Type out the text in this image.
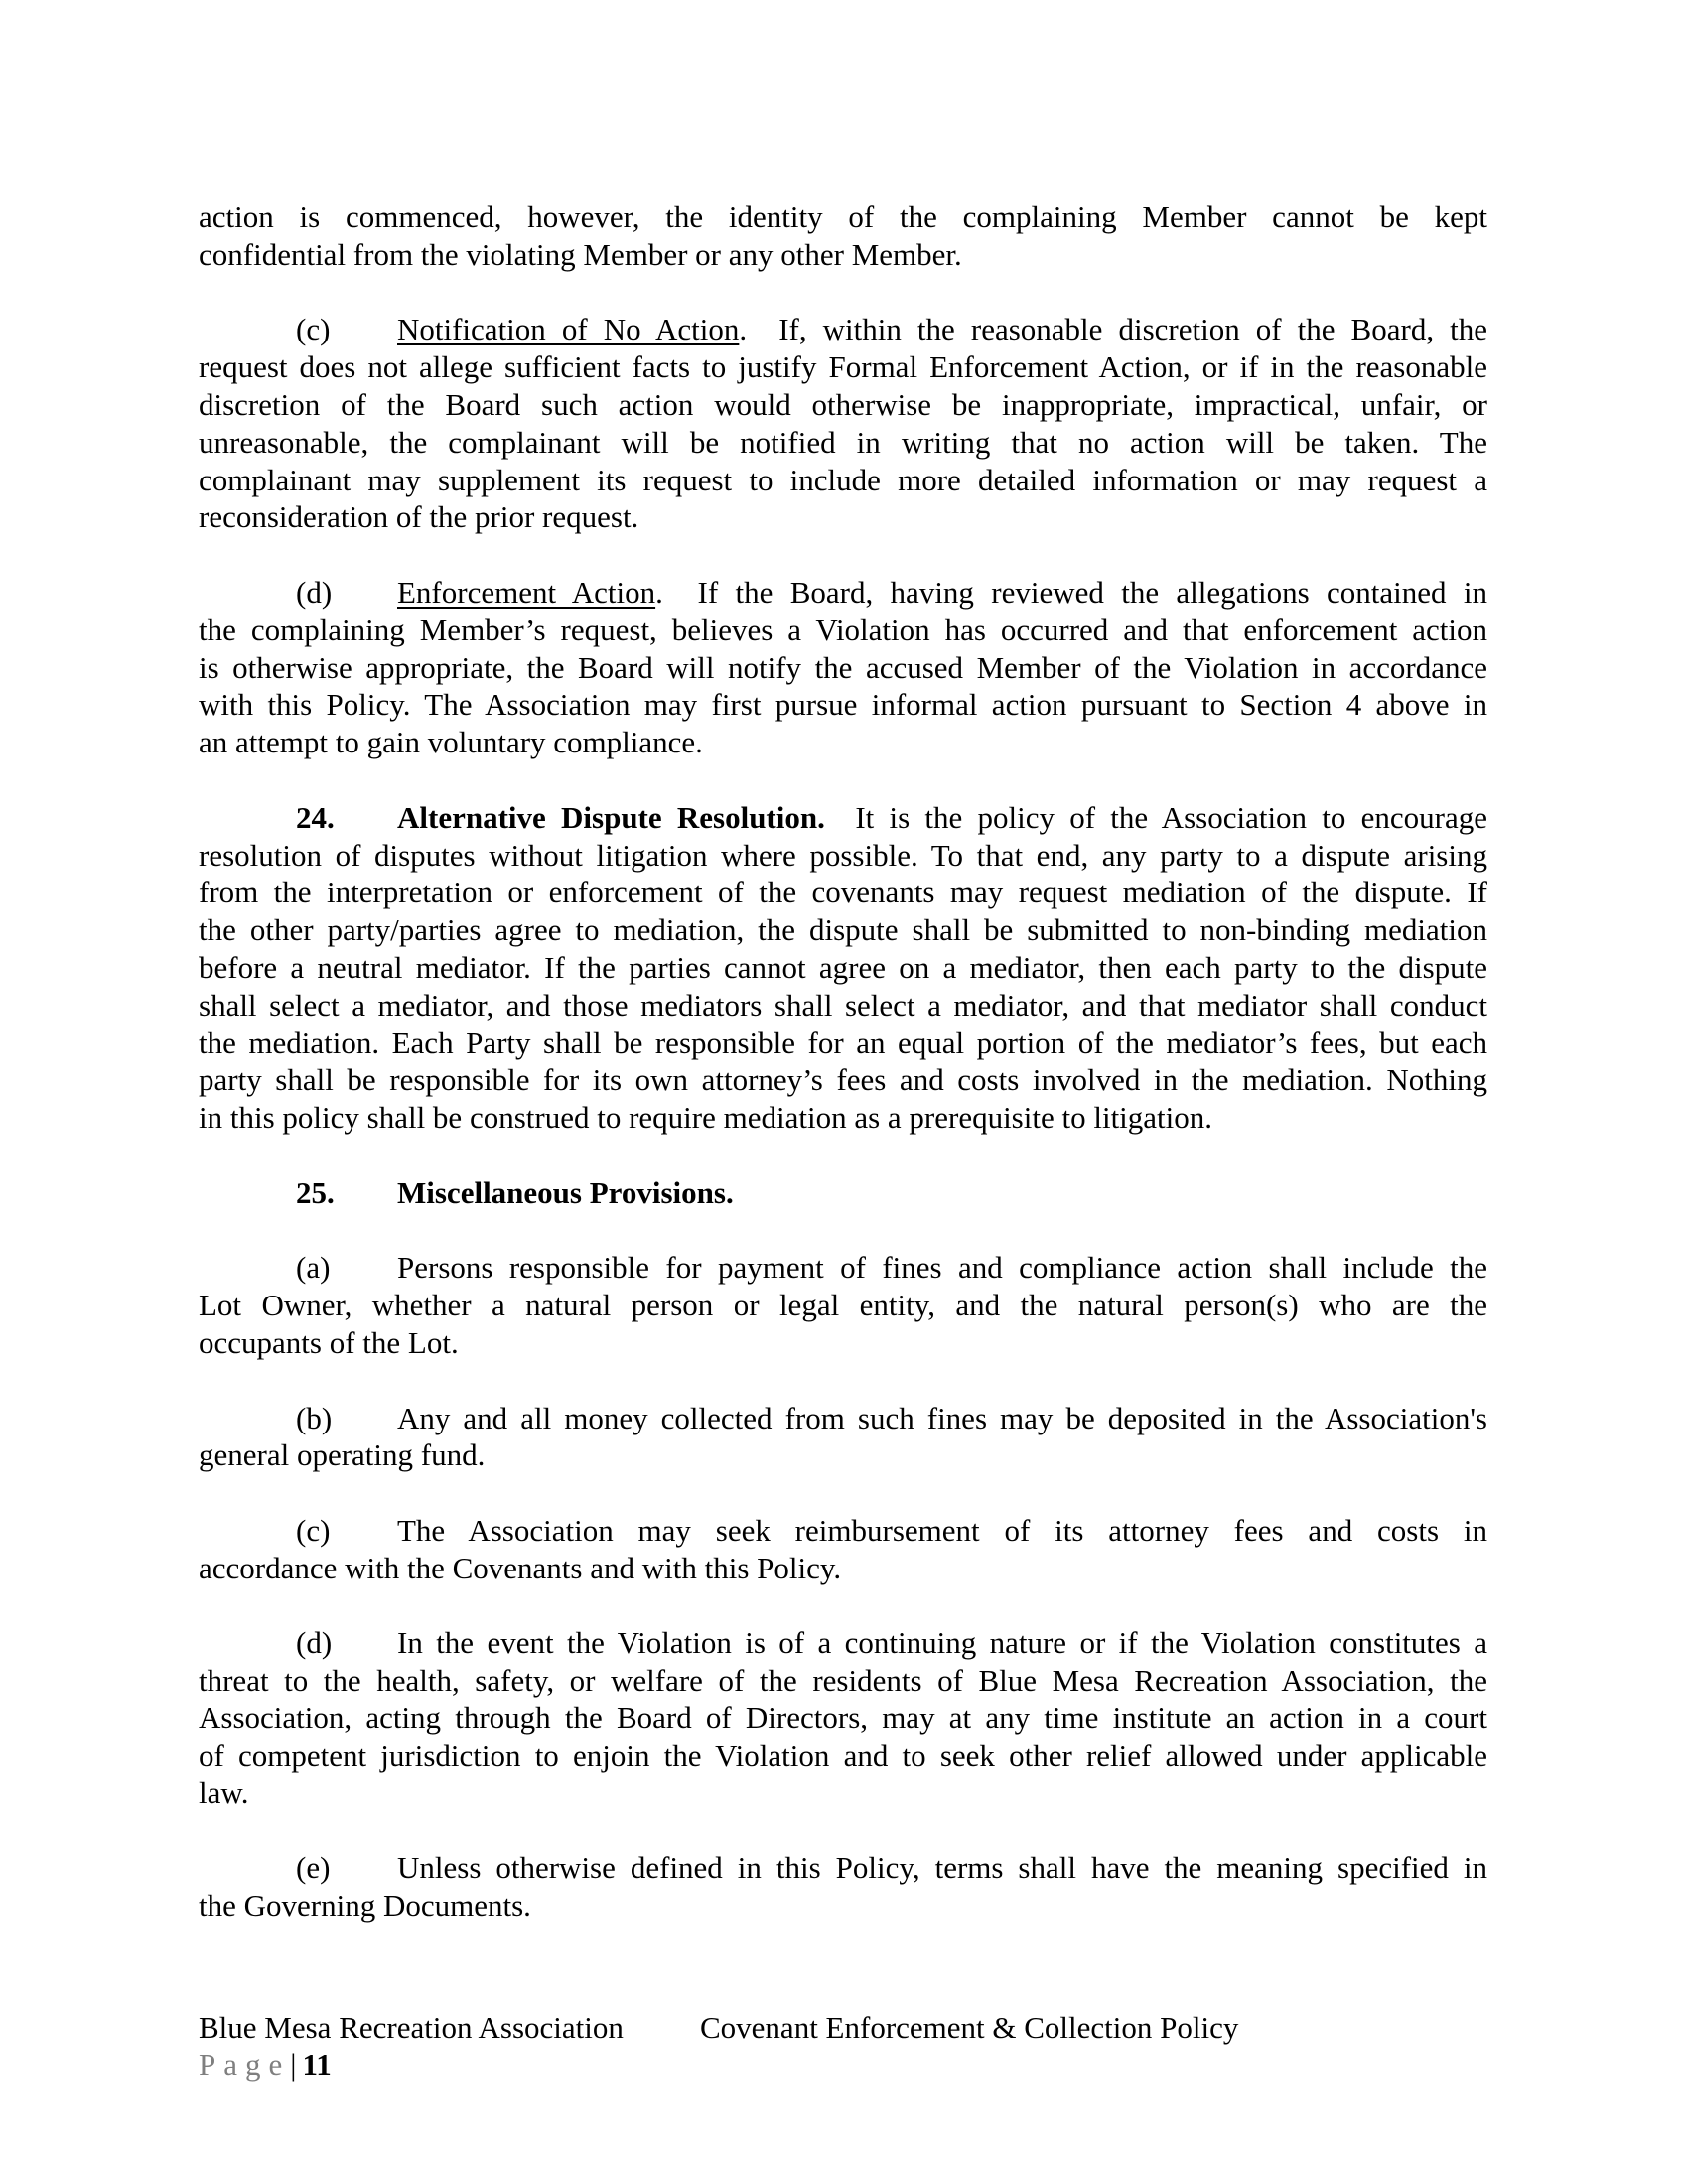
action is commenced, however, the identity of the complaining Member cannot be kept
confidential from the violating Member or any other Member.
(c) Notification of No Action.  If, within the reasonable discretion of the Board, the
request does not allege sufficient facts to justify Formal Enforcement Action, or if in the reasonable
discretion of the Board such action would otherwise be inappropriate, impractical, unfair, or
unreasonable, the complainant will be notified in writing that no action will be taken. The
complainant may supplement its request to include more detailed information or may request a
reconsideration of the prior request.
(d) Enforcement Action.  If the Board, having reviewed the allegations contained in
the complaining Member’s request, believes a Violation has occurred and that enforcement action
is otherwise appropriate, the Board will notify the accused Member of the Violation in accordance
with this Policy. The Association may first pursue informal action pursuant to Section 4 above in
an attempt to gain voluntary compliance.
24. Alternative Dispute Resolution.  It is the policy of the Association to encourage
resolution of disputes without litigation where possible. To that end, any party to a dispute arising
from the interpretation or enforcement of the covenants may request mediation of the dispute. If
the other party/parties agree to mediation, the dispute shall be submitted to non-binding mediation
before a neutral mediator. If the parties cannot agree on a mediator, then each party to the dispute
shall select a mediator, and those mediators shall select a mediator, and that mediator shall conduct
the mediation. Each Party shall be responsible for an equal portion of the mediator’s fees, but each
party shall be responsible for its own attorney’s fees and costs involved in the mediation. Nothing
in this policy shall be construed to require mediation as a prerequisite to litigation.
25. Miscellaneous Provisions.
(a) Persons responsible for payment of fines and compliance action shall include the
Lot Owner, whether a natural person or legal entity, and the natural person(s) who are the
occupants of the Lot.
(b) Any and all money collected from such fines may be deposited in the Association's
general operating fund.
(c) The Association may seek reimbursement of its attorney fees and costs in
accordance with the Covenants and with this Policy.
(d) In the event the Violation is of a continuing nature or if the Violation constitutes a
threat to the health, safety, or welfare of the residents of Blue Mesa Recreation Association, the
Association, acting through the Board of Directors, may at any time institute an action in a court
of competent jurisdiction to enjoin the Violation and to seek other relief allowed under applicable
law.
(e) Unless otherwise defined in this Policy, terms shall have the meaning specified in
the Governing Documents.
Blue Mesa Recreation Association Covenant Enforcement & Collection Policy
Page| 11
